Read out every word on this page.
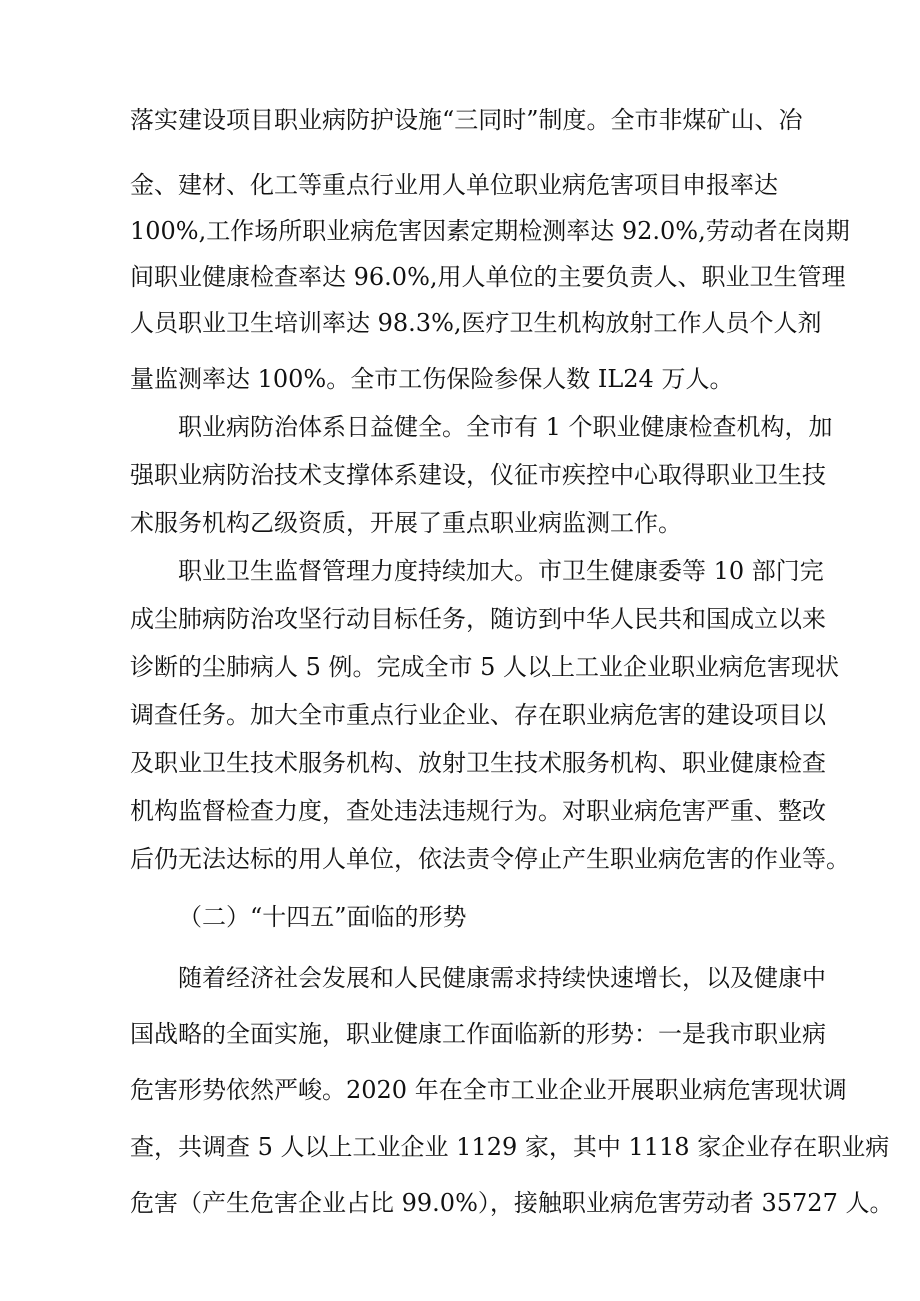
落实建设项目职业病防护设施“三同时”制度。全市非煤矿山、冶
金、建材、化工等重点行业用人单位职业病危害项目申报率达
100%,工作场所职业病危害因素定期检测率达 92.0%,劳动者在岗期
间职业健康检查率达 96.0%,用人单位的主要负责人、职业卫生管理
人员职业卫生培训率达 98.3%,医疗卫生机构放射工作人员个人剂
量监测率达 100%。全市工伤保险参保人数 IL24 万人。
职业病防治体系日益健全。全市有 1 个职业健康检查机构，加
强职业病防治技术支撑体系建设，仪征市疾控中心取得职业卫生技
术服务机构乙级资质，开展了重点职业病监测工作。
职业卫生监督管理力度持续加大。市卫生健康委等 10 部门完
成尘肺病防治攻坚行动目标任务，随访到中华人民共和国成立以来
诊断的尘肺病人 5 例。完成全市 5 人以上工业企业职业病危害现状
调查任务。加大全市重点行业企业、存在职业病危害的建设项目以
及职业卫生技术服务机构、放射卫生技术服务机构、职业健康检查
机构监督检查力度，查处违法违规行为。对职业病危害严重、整改
后仍无法达标的用人单位，依法责令停止产生职业病危害的作业等。
（二）“十四五”面临的形势
随着经济社会发展和人民健康需求持续快速增长，以及健康中
国战略的全面实施，职业健康工作面临新的形势：一是我市职业病
危害形势依然严峻。2020 年在全市工业企业开展职业病危害现状调
查，共调查 5 人以上工业企业 1129 家，其中 1118 家企业存在职业病
危害（产生危害企业占比 99.0%），接触职业病危害劳动者 35727 人。
